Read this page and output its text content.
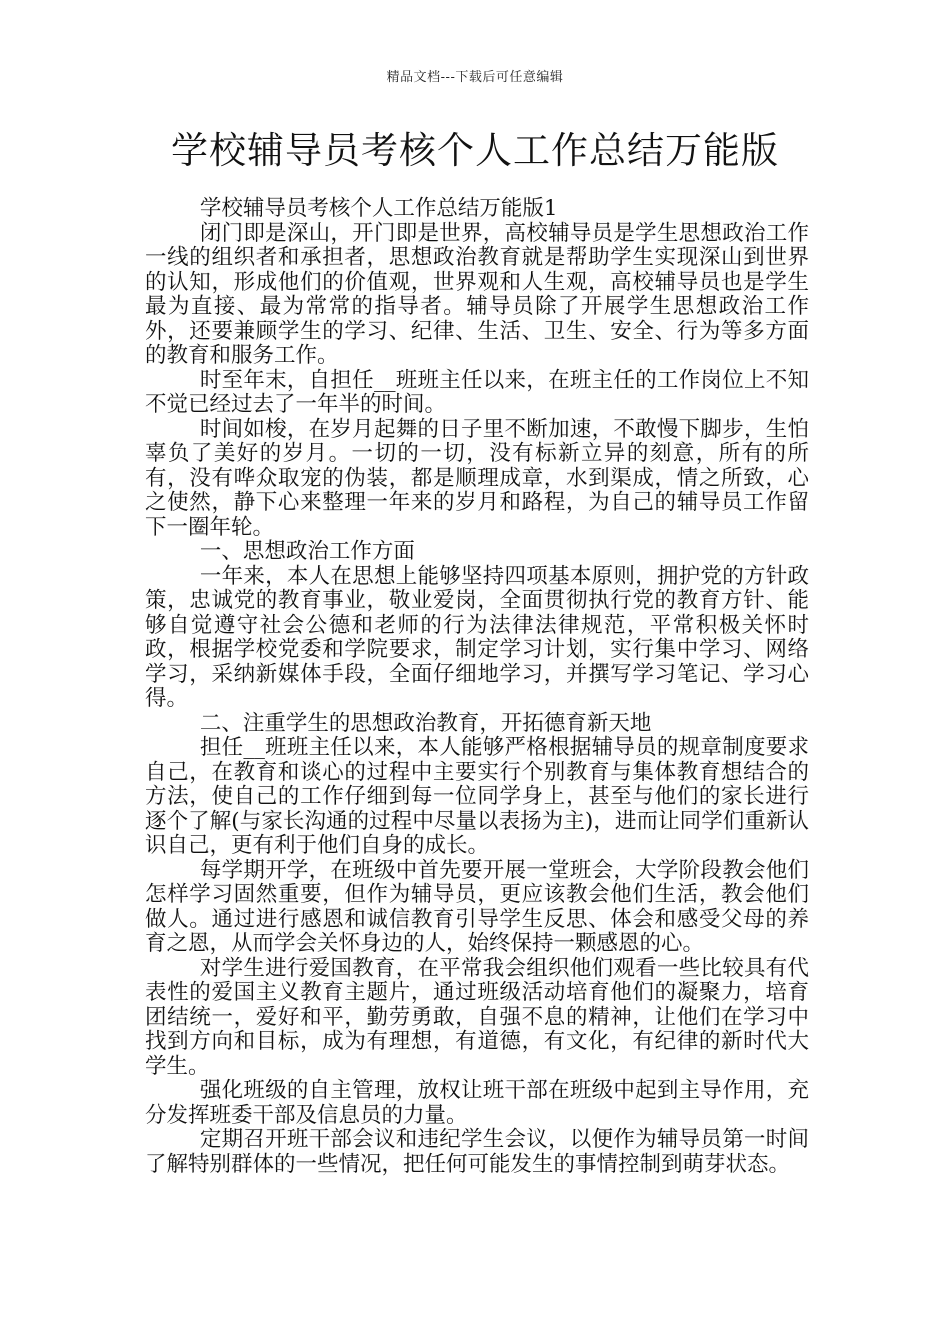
精品文档---下载后可任意编辑
学校辅导员考核个人工作总结万能版

学校辅导员考核个人工作总结万能版1

闭门即是深山，开门即是世界，高校辅导员是学生思想政治工作一线的组织者和承担者，思想政治教育就是帮助学生实现深山到世界的认知，形成他们的价值观，世界观和人生观，高校辅导员也是学生最为直接、最为常常的指导者。辅导员除了开展学生思想政治工作外，还要兼顾学生的学习、纪律、生活、卫生、安全、行为等多方面的教育和服务工作。

时至年末，自担任__班班主任以来，在班主任的工作岗位上不知不觉已经过去了一年半的时间。

时间如梭，在岁月起舞的日子里不断加速，不敢慢下脚步，生怕辜负了美好的岁月。一切的一切，没有标新立异的刻意，所有的所有，没有哗众取宠的伪装，都是顺理成章，水到渠成，情之所致，心之使然，静下心来整理一年来的岁月和路程，为自己的辅导员工作留下一圈年轮。

一、思想政治工作方面

一年来，本人在思想上能够坚持四项基本原则，拥护党的方针政策，忠诚党的教育事业，敬业爱岗，全面贯彻执行党的教育方针、能够自觉遵守社会公德和老师的行为法律法律规范，平常积极关怀时政，根据学校党委和学院要求，制定学习计划，实行集中学习、网络学习，采纳新媒体手段，全面仔细地学习，并撰写学习笔记、学习心得。

二、注重学生的思想政治教育，开拓德育新天地

担任__班班主任以来，本人能够严格根据辅导员的规章制度要求自己，在教育和谈心的过程中主要实行个别教育与集体教育想结合的方法，使自己的工作仔细到每一位同学身上，甚至与他们的家长进行逐个了解(与家长沟通的过程中尽量以表扬为主)，进而让同学们重新认识自己，更有利于他们自身的成长。

每学期开学，在班级中首先要开展一堂班会，大学阶段教会他们怎样学习固然重要，但作为辅导员，更应该教会他们生活，教会他们做人。通过进行感恩和诚信教育引导学生反思、体会和感受父母的养育之恩，从而学会关怀身边的人，始终保持一颗感恩的心。

对学生进行爱国教育，在平常我会组织他们观看一些比较具有代表性的爱国主义教育主题片，通过班级活动培育他们的凝聚力，培育团结统一，爱好和平，勤劳勇敢，自强不息的精神，让他们在学习中找到方向和目标，成为有理想，有道德，有文化，有纪律的新时代大学生。

强化班级的自主管理，放权让班干部在班级中起到主导作用，充分发挥班委干部及信息员的力量。

定期召开班干部会议和违纪学生会议，以便作为辅导员第一时间了解特别群体的一些情况，把任何可能发生的事情控制到萌芽状态。
